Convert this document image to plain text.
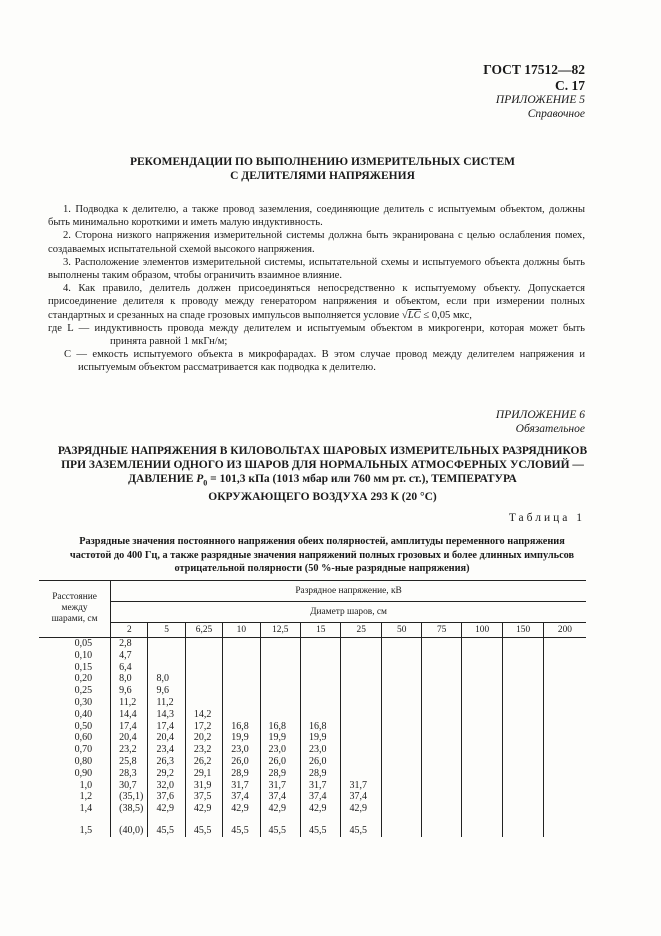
ГОСТ 17512—82 С. 17
ПРИЛОЖЕНИЕ 5
Справочное
РЕКОМЕНДАЦИИ ПО ВЫПОЛНЕНИЮ ИЗМЕРИТЕЛЬНЫХ СИСТЕМ
С ДЕЛИТЕЛЯМИ НАПРЯЖЕНИЯ

1. Подводка к делителю, а также провод заземления, соединяющие делитель с испытуемым объектом, должны быть минимально короткими и иметь малую индуктивность.

2. Сторона низкого напряжения измерительной системы должна быть экранирована с целью ослабления помех, создаваемых испытательной схемой высокого напряжения.

3. Расположение элементов измерительной системы, испытательной схемы и испытуемого объекта должны быть выполнены таким образом, чтобы ограничить взаимное влияние.

4. Как правило, делитель должен присоединяться непосредственно к испытуемому объекту. Допускается присоединение делителя к проводу между генератором напряжения и объектом, если при измерении полных стандартных и срезанных на спаде грозовых импульсов выполняется условие √LC ≤ 0,05 мкс,

где L — индуктивность провода между делителем и испытуемым объектом в микрогенри, которая может быть принята равной 1 мкГн/м;

C — емкость испытуемого объекта в микрофарадах. В этом случае провод между делителем напряжения и испытуемым объектом рассматривается как подводка к делителю.

ПРИЛОЖЕНИЕ 6
Обязательное
РАЗРЯДНЫЕ НАПРЯЖЕНИЯ В КИЛОВОЛЬТАХ ШАРОВЫХ ИЗМЕРИТЕЛЬНЫХ РАЗРЯДНИКОВ
ПРИ ЗАЗЕМЛЕНИИ ОДНОГО ИЗ ШАРОВ ДЛЯ НОРМАЛЬНЫХ АТМОСФЕРНЫХ УСЛОВИЙ —
ДАВЛЕНИЕ $P_0 = 101,3$ кПа (1013 мбар или 760 мм рт. ст.), ТЕМПЕРАТУРА
ОКРУЖАЮЩЕГО ВОЗДУХА 293 К (20 °С)
Таблица 1
Разрядные значения постоянного напряжения обеих полярностей, амплитуды переменного напряжения
частотой до 400 Гц, а также разрядные значения напряжений полных грозовых и более длинных импульсов
отрицательной полярности (50 %-ные разрядные напряжения)
Расстояние
между
шарами, см	Разрядное напряжение, кВ											
	Диаметр шаров, см											
	2	5	6,25	10	12,5	15	25	50	75	100	150	200
0,05	2,8											
0,10	4,7											
0,15	6,4											
0,20	8,0	8,0										
0,25	9,6	9,6										
0,30	11,2	11,2										
0,40	14,4	14,3	14,2									
0,50	17,4	17,4	17,2	16,8	16,8	16,8						
0,60	20,4	20,4	20,2	19,9	19,9	19,9						
0,70	23,2	23,4	23,2	23,0	23,0	23,0						
0,80	25,8	26,3	26,2	26,0	26,0	26,0						
0,90	28,3	29,2	29,1	28,9	28,9	28,9						
1,0	30,7	32,0	31,9	31,7	31,7	31,7	31,7					
1,2	(35,1)	37,6	37,5	37,4	37,4	37,4	37,4					
1,4	(38,5)	42,9	42,9	42,9	42,9	42,9	42,9					

1,5	(40,0)	45,5	45,5	45,5	45,5	45,5	45,5					
